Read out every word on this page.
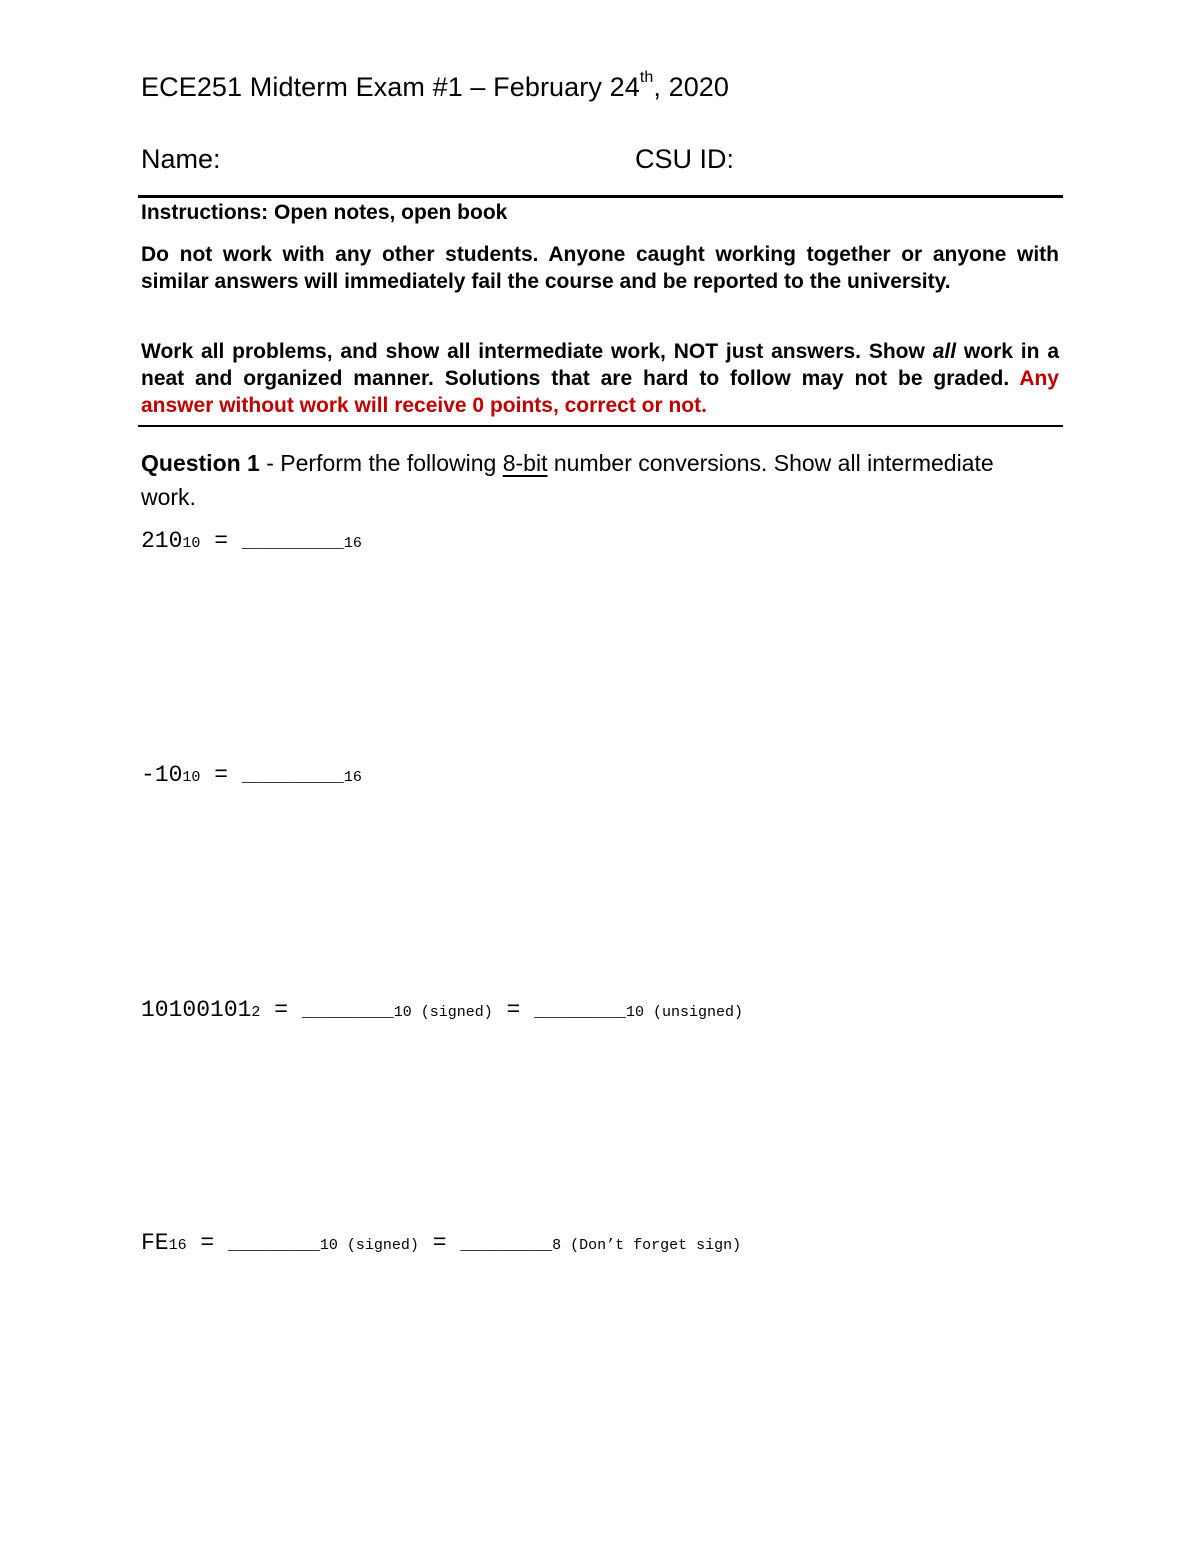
ECE251 Midterm Exam #1 – February 24th, 2020
Name:	CSU ID:
Instructions: Open notes, open book
Do not work with any other students. Anyone caught working together or anyone with similar answers will immediately fail the course and be reported to the university.
Work all problems, and show all intermediate work, NOT just answers. Show all work in a neat and organized manner. Solutions that are hard to follow may not be graded. Any answer without work will receive 0 points, correct or not.
Question 1 - Perform the following 8-bit number conversions. Show all intermediate work.
21010 = __________16
-1010 = __________16
101001012 = _________10 (signed) = _________10 (unsigned)
FE16 = _________10 (signed) = _________8 (Don’t forget sign)
